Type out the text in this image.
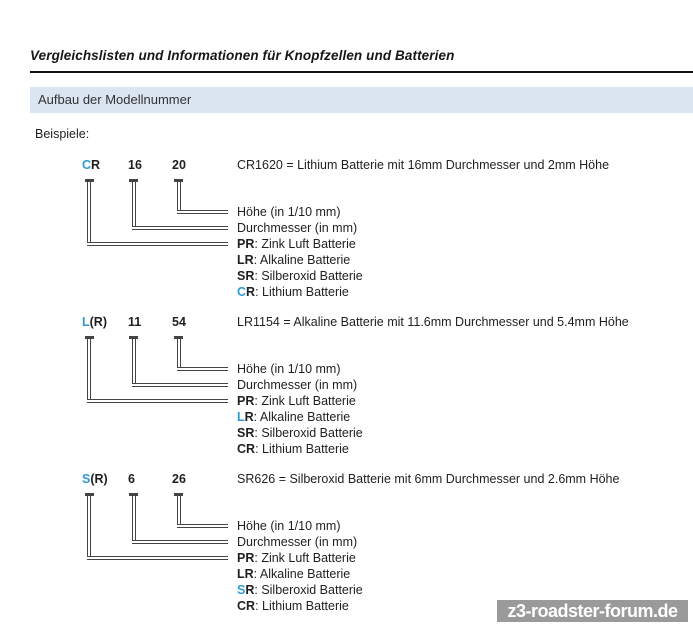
Vergleichslisten und Informationen für Knopfzellen und Batterien
Aufbau der Modellnummer
Beispiele:
CR 16 20	CR1620 = Lithium Batterie mit 16mm Durchmesser und 2mm Höhe
Höhe (in 1/10 mm)
Durchmesser (in mm)
PR: Zink Luft Batterie
LR: Alkaline Batterie
SR: Silberoxid Batterie
CR: Lithium Batterie
L(R) 11 54	LR1154 = Alkaline Batterie mit 11.6mm Durchmesser und 5.4mm Höhe
Höhe (in 1/10 mm)
Durchmesser (in mm)
PR: Zink Luft Batterie
LR: Alkaline Batterie
SR: Silberoxid Batterie
CR: Lithium Batterie
S(R) 6	26	SR626 = Silberoxid Batterie mit 6mm Durchmesser und 2.6mm Höhe
Höhe (in 1/10 mm)
Durchmesser (in mm)
PR: Zink Luft Batterie
LR: Alkaline Batterie
SR: Silberoxid Batterie
CR: Lithium Batterie	z3-roadster-forum.de
